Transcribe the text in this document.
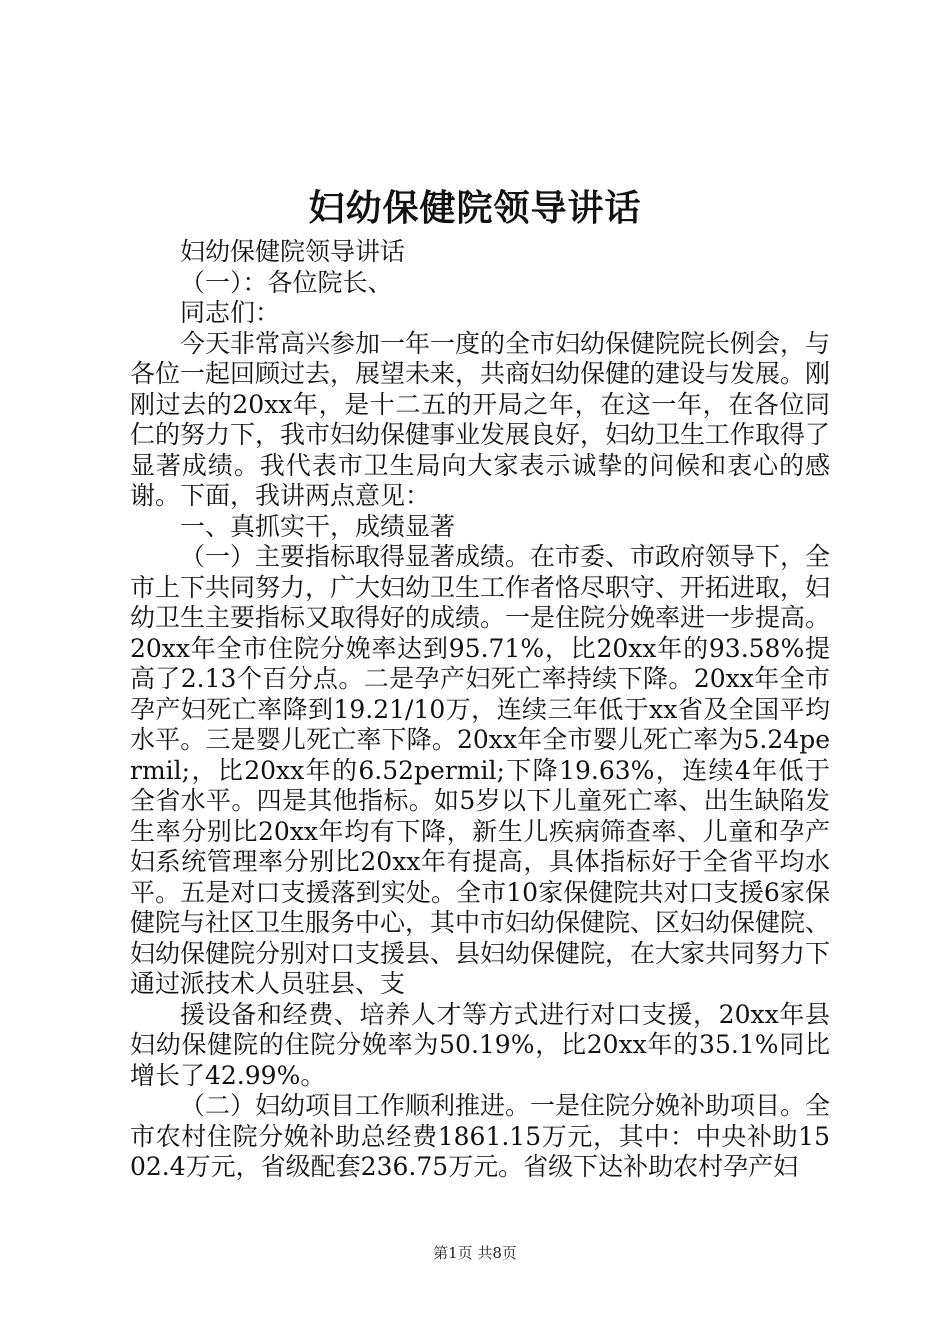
妇幼保健院领导讲话

妇幼保健院领导讲话

（一）：各位院长、

同志们：

今天非常高兴参加一年一度的全市妇幼保健院院长例会，与各位一起回顾过去，展望未来，共商妇幼保健的建设与发展。刚刚过去的20xx年，是十二五的开局之年，在这一年，在各位同仁的努力下，我市妇幼保健事业发展良好，妇幼卫生工作取得了显著成绩。我代表市卫生局向大家表示诚挚的问候和衷心的感谢。下面，我讲两点意见：

一、真抓实干，成绩显著

（一）主要指标取得显著成绩。在市委、市政府领导下，全市上下共同努力，广大妇幼卫生工作者恪尽职守、开拓进取，妇幼卫生主要指标又取得好的成绩。一是住院分娩率进一步提高。20xx年全市住院分娩率达到95.71%，比20xx年的93.58%提高了2.13个百分点。二是孕产妇死亡率持续下降。20xx年全市孕产妇死亡率降到19.21/10万，连续三年低于xx省及全国平均水平。三是婴儿死亡率下降。20xx年全市婴儿死亡率为5.24permil;，比20xx年的6.52permil;下降19.63%，连续4年低于全省水平。四是其他指标。如5岁以下儿童死亡率、出生缺陷发生率分别比20xx年均有下降，新生儿疾病筛查率、儿童和孕产妇系统管理率分别比20xx年有提高，具体指标好于全省平均水平。五是对口支援落到实处。全市10家保健院共对口支援6家保健院与社区卫生服务中心，其中市妇幼保健院、区妇幼保健院、妇幼保健院分别对口支援县、县妇幼保健院，在大家共同努力下通过派技术人员驻县、支

援设备和经费、培养人才等方式进行对口支援，20xx年县妇幼保健院的住院分娩率为50.19%，比20xx年的35.1%同比增长了42.99%。

（二）妇幼项目工作顺利推进。一是住院分娩补助项目。全市农村住院分娩补助总经费1861.15万元，其中：中央补助1502.4万元，省级配套236.75万元。省级下达补助农村孕产妇

第1页 共8页
